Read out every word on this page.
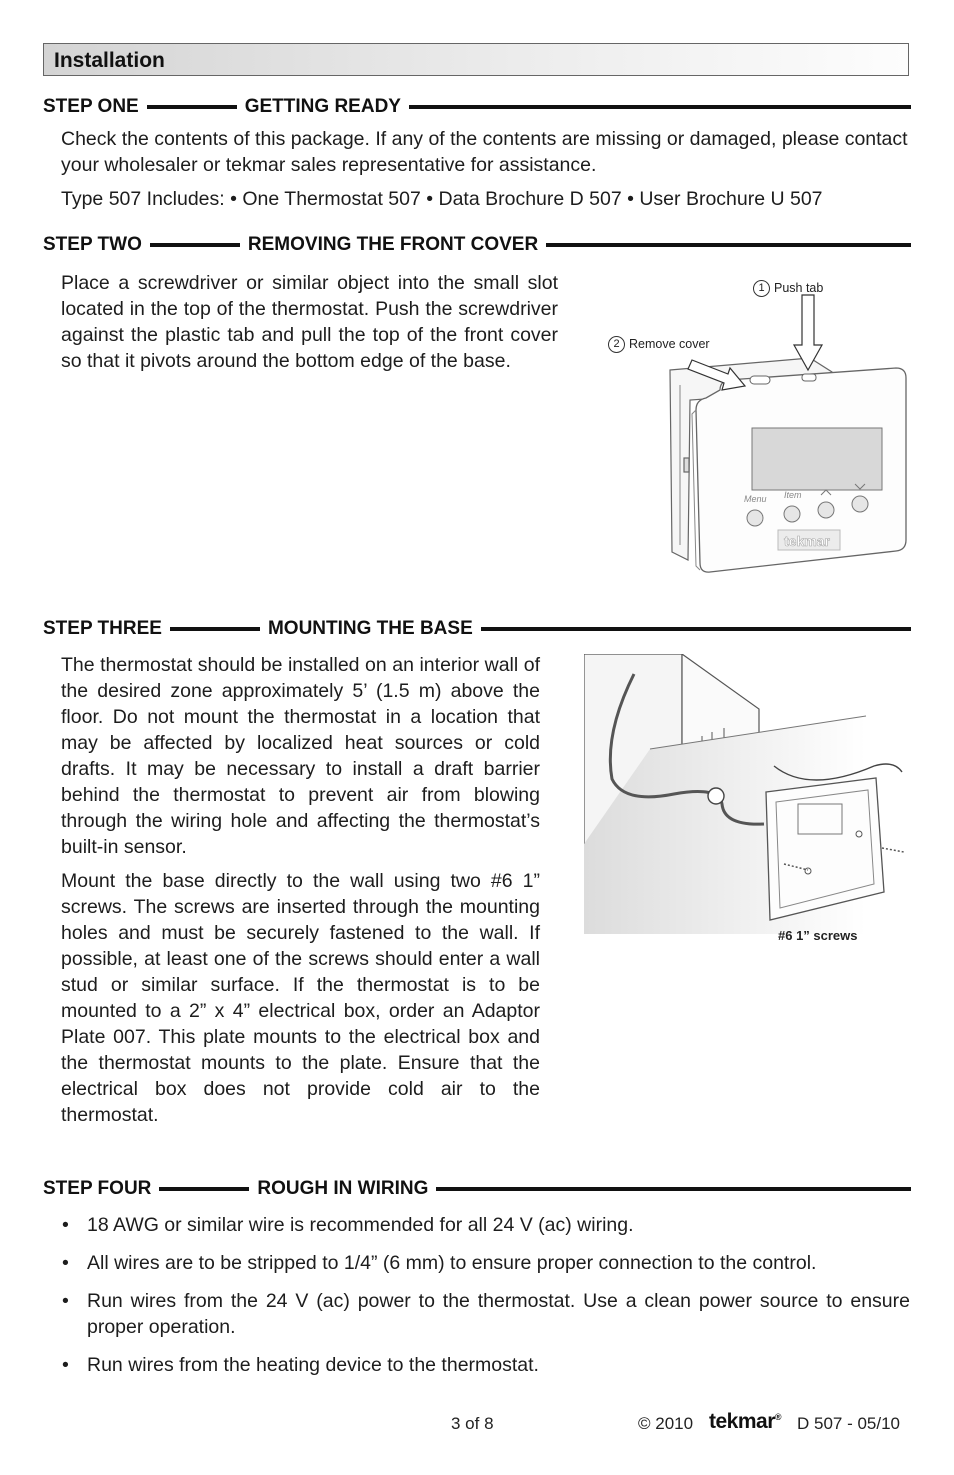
Installation
STEP ONE	GETTING READY
Check the contents of this package. If any of the contents are missing or damaged, please contact your wholesaler or tekmar sales representative for assistance.
Type 507 Includes: • One Thermostat 507 • Data Brochure D 507 • User Brochure U 507
STEP TWO	REMOVING THE FRONT COVER
Place a screwdriver or similar object into the small slot located in the top of the thermostat. Push the screwdriver against the plastic tab and pull the top of the front cover so that it pivots around the bottom edge of the base.
1 Push tab
2 Remove cover
Menu Item
tekmar
STEP THREE	MOUNTING THE BASE
The thermostat should be installed on an interior wall of the desired zone approximately 5’ (1.5 m) above the floor. Do not mount the thermostat in a location that may be affected by localized heat sources or cold drafts. It may be necessary to install a draft barrier behind the thermostat to prevent air from blowing through the wiring hole and affecting the thermostat’s built-in sensor.
Mount the base directly to the wall using two #6 1” screws. The screws are inserted through the mounting holes and must be securely fastened to the wall. If possible, at least one of the screws should enter a wall stud or similar surface. If the thermostat is to be mounted to a 2” x 4” electrical box, order an Adaptor Plate 007. This plate mounts to the electrical box and the thermostat mounts to the plate. Ensure that the electrical box does not provide cold air to the thermostat.
#6 1” screws
STEP FOUR	ROUGH IN WIRING
• 18 AWG or similar wire is recommended for all 24 V (ac) wiring.
• All wires are to be stripped to 1/4” (6 mm) to ensure proper connection to the control.
• Run wires from the 24 V (ac) power to the thermostat. Use a clean power source to ensure proper operation.
• Run wires from the heating device to the thermostat.
3 of 8	© 2010 tekmar® D 507 - 05/10
